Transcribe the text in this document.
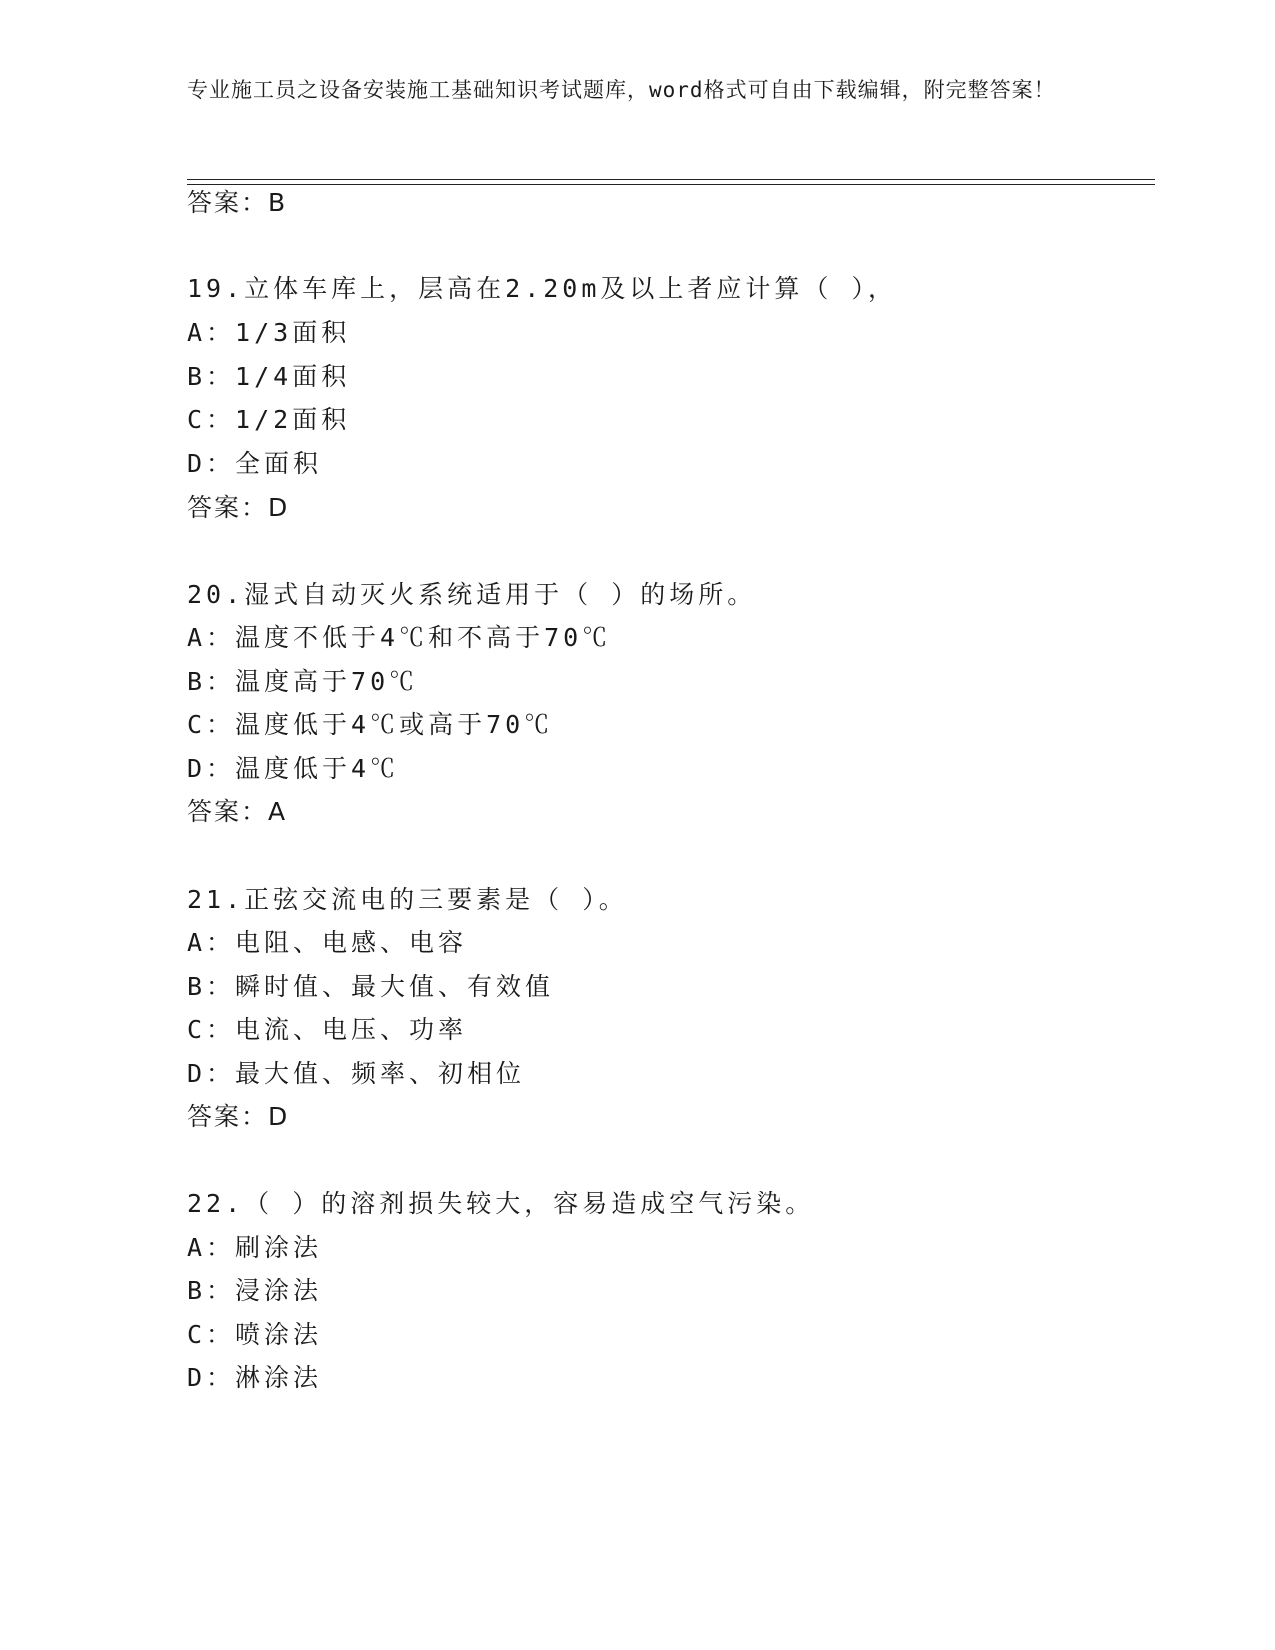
专业施工员之设备安装施工基础知识考试题库，word格式可自由下载编辑，附完整答案！
答案：B
19.立体车库上，层高在2.20m及以上者应计算（ ），
A：1/3面积
B：1/4面积
C：1/2面积
D：全面积
答案：D
20.湿式自动灭火系统适用于（ ）的场所。
A：温度不低于4℃和不高于70℃
B：温度高于70℃
C：温度低于4℃或高于70℃
D：温度低于4℃
答案：A
21.正弦交流电的三要素是（ ）。
A：电阻、电感、电容
B：瞬时值、最大值、有效值
C：电流、电压、功率
D：最大值、频率、初相位
答案：D
22.（ ）的溶剂损失较大，容易造成空气污染。
A：刷涂法
B：浸涂法
C：喷涂法
D：淋涂法
